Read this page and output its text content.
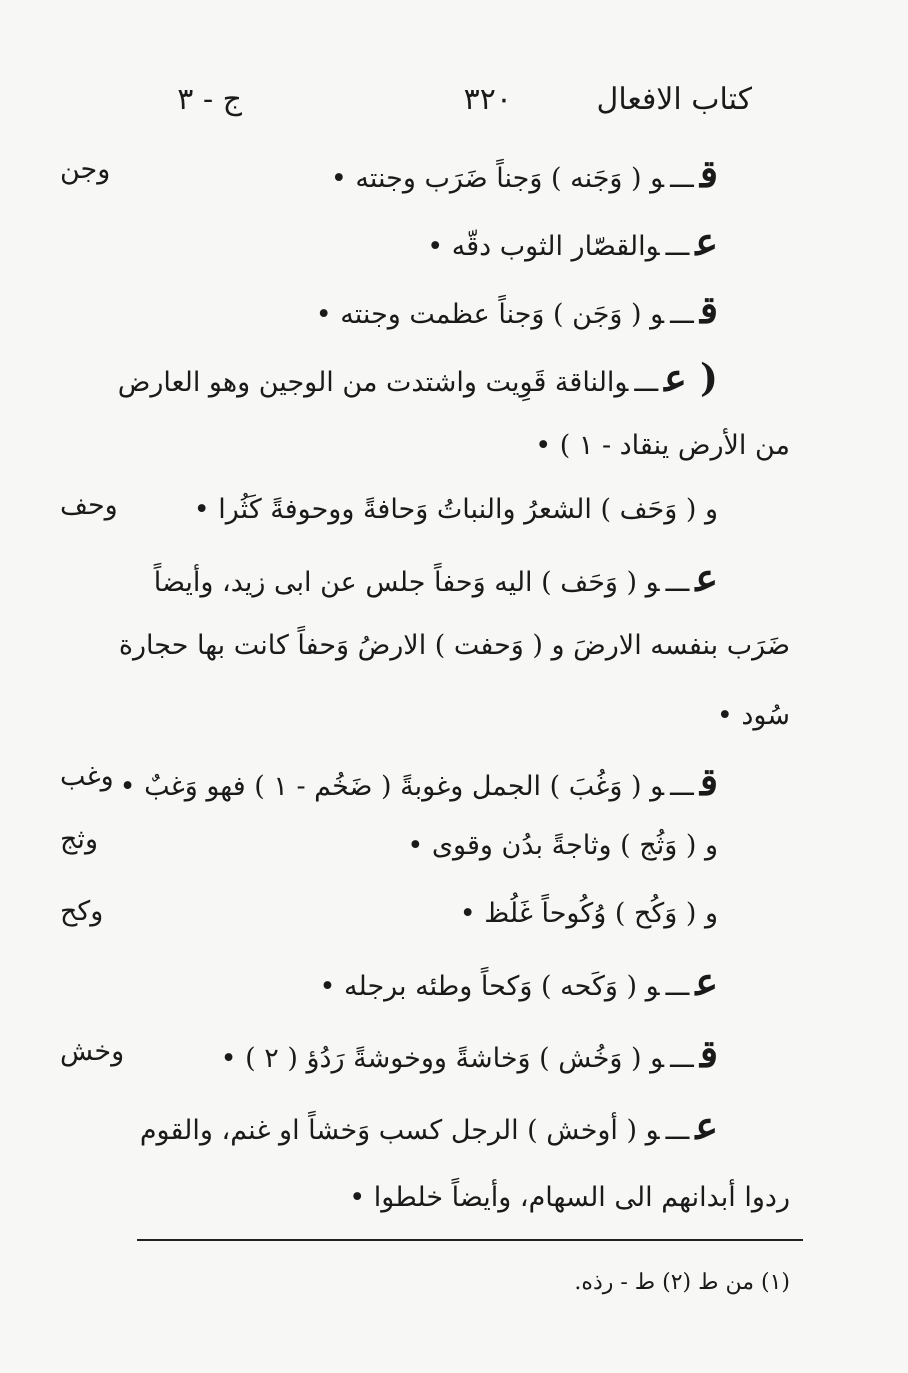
كتاب الافعال
٣٢٠
ج - ٣
وجن
وحف
وغب
وثج
وكح
وخش
قـــو ( وَجَنه ) وَجناً ضَرَب وجنته •
عـــوالقصّار الثوب دقّه •
قـــو ( وَجَن ) وَجناً عظمت وجنته •
( عـــوالناقة قَوِيت واشتدت من الوجين وهو العارض
من الأرض ينقاد - ١ ) •
و ( وَحَف ) الشعرُ والنباتُ وَحافةً ووحوفةً كَثُرا •
عـــو ( وَحَف ) اليه وَحفاً جلس عن ابى زيد، وأيضاً
ضَرَب بنفسه الارضَ و ( وَحفت ) الارضُ وَحفاً كانت بها حجارة
سُود •
قـــو ( وَغُبَ ) الجمل وغوبةً ( ضَخُم - ١ ) فهو وَغبٌ •
و ( وَثُج ) وثاجةً بدُن وقوى •
و ( وَكُح ) وُكُوحاً غَلُظ •
عـــو ( وَكَحه ) وَكحاً وطئه برجله •
قـــو ( وَخُش ) وَخاشةً ووخوشةً رَدُؤ ( ٢ ) •
عـــو ( أوخش ) الرجل كسب وَخشاً او غنم، والقوم
ردوا أبدانهم الى السهام، وأيضاً خلطوا •
(١) من ط (٢) ط - رذه.
